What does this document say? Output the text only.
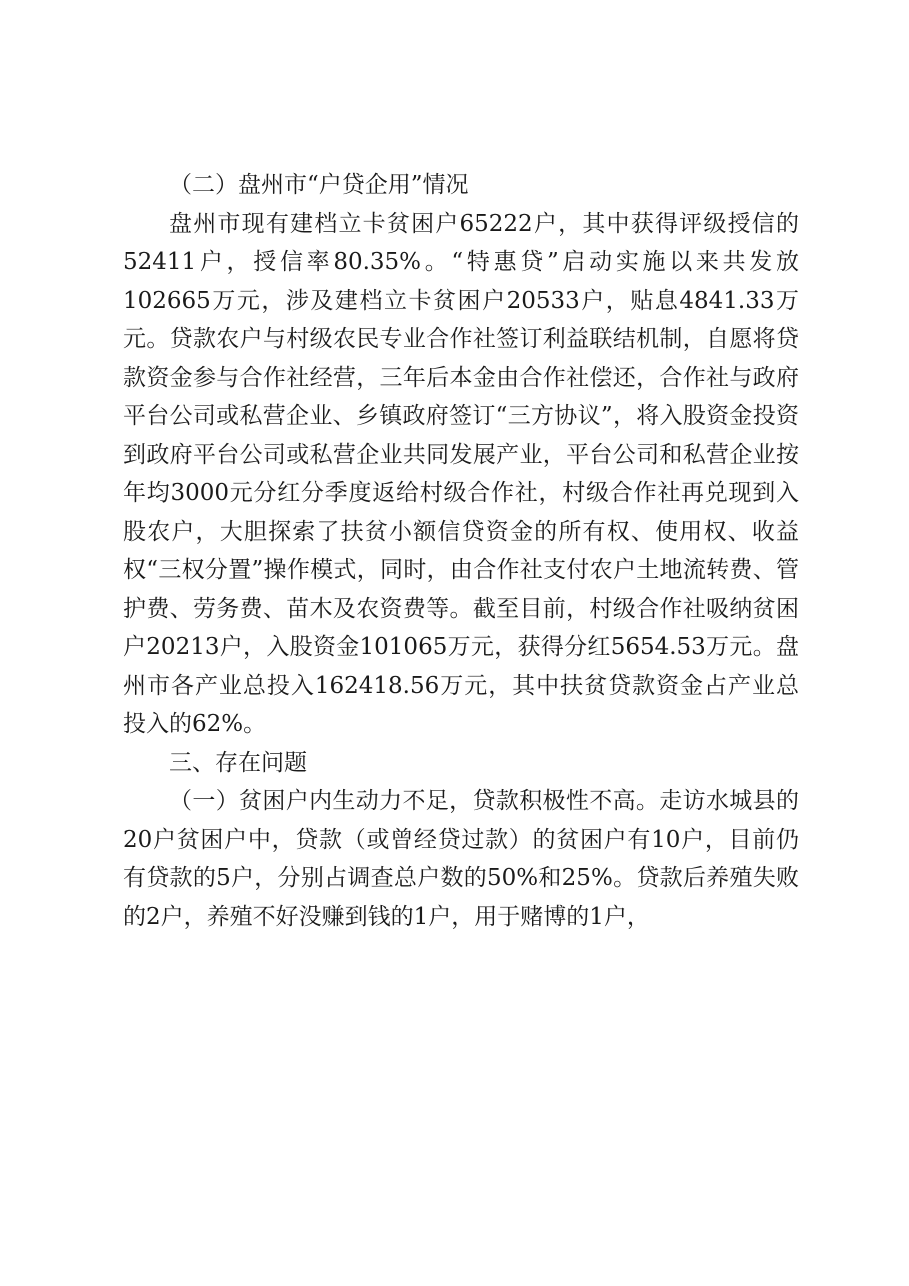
（二）盘州市“户贷企用”情况

盘州市现有建档立卡贫困户65222户，其中获得评级授信的52411户，授信率80.35%。“特惠贷”启动实施以来共发放102665万元，涉及建档立卡贫困户20533户，贴息4841.33万元。贷款农户与村级农民专业合作社签订利益联结机制，自愿将贷款资金参与合作社经营，三年后本金由合作社偿还，合作社与政府平台公司或私营企业、乡镇政府签订“三方协议”，将入股资金投资到政府平台公司或私营企业共同发展产业，平台公司和私营企业按年均3000元分红分季度返给村级合作社，村级合作社再兑现到入股农户，大胆探索了扶贫小额信贷资金的所有权、使用权、收益权“三权分置”操作模式，同时，由合作社支付农户土地流转费、管护费、劳务费、苗木及农资费等。截至目前，村级合作社吸纳贫困户20213户，入股资金101065万元，获得分红5654.53万元。盘州市各产业总投入162418.56万元，其中扶贫贷款资金占产业总投入的62%。

三、存在问题

（一）贫困户内生动力不足，贷款积极性不高。走访水城县的20户贫困户中，贷款（或曾经贷过款）的贫困户有10户，目前仍有贷款的5户，分别占调查总户数的50%和25%。贷款后养殖失败的2户，养殖不好没赚到钱的1户，用于赌博的1户，
